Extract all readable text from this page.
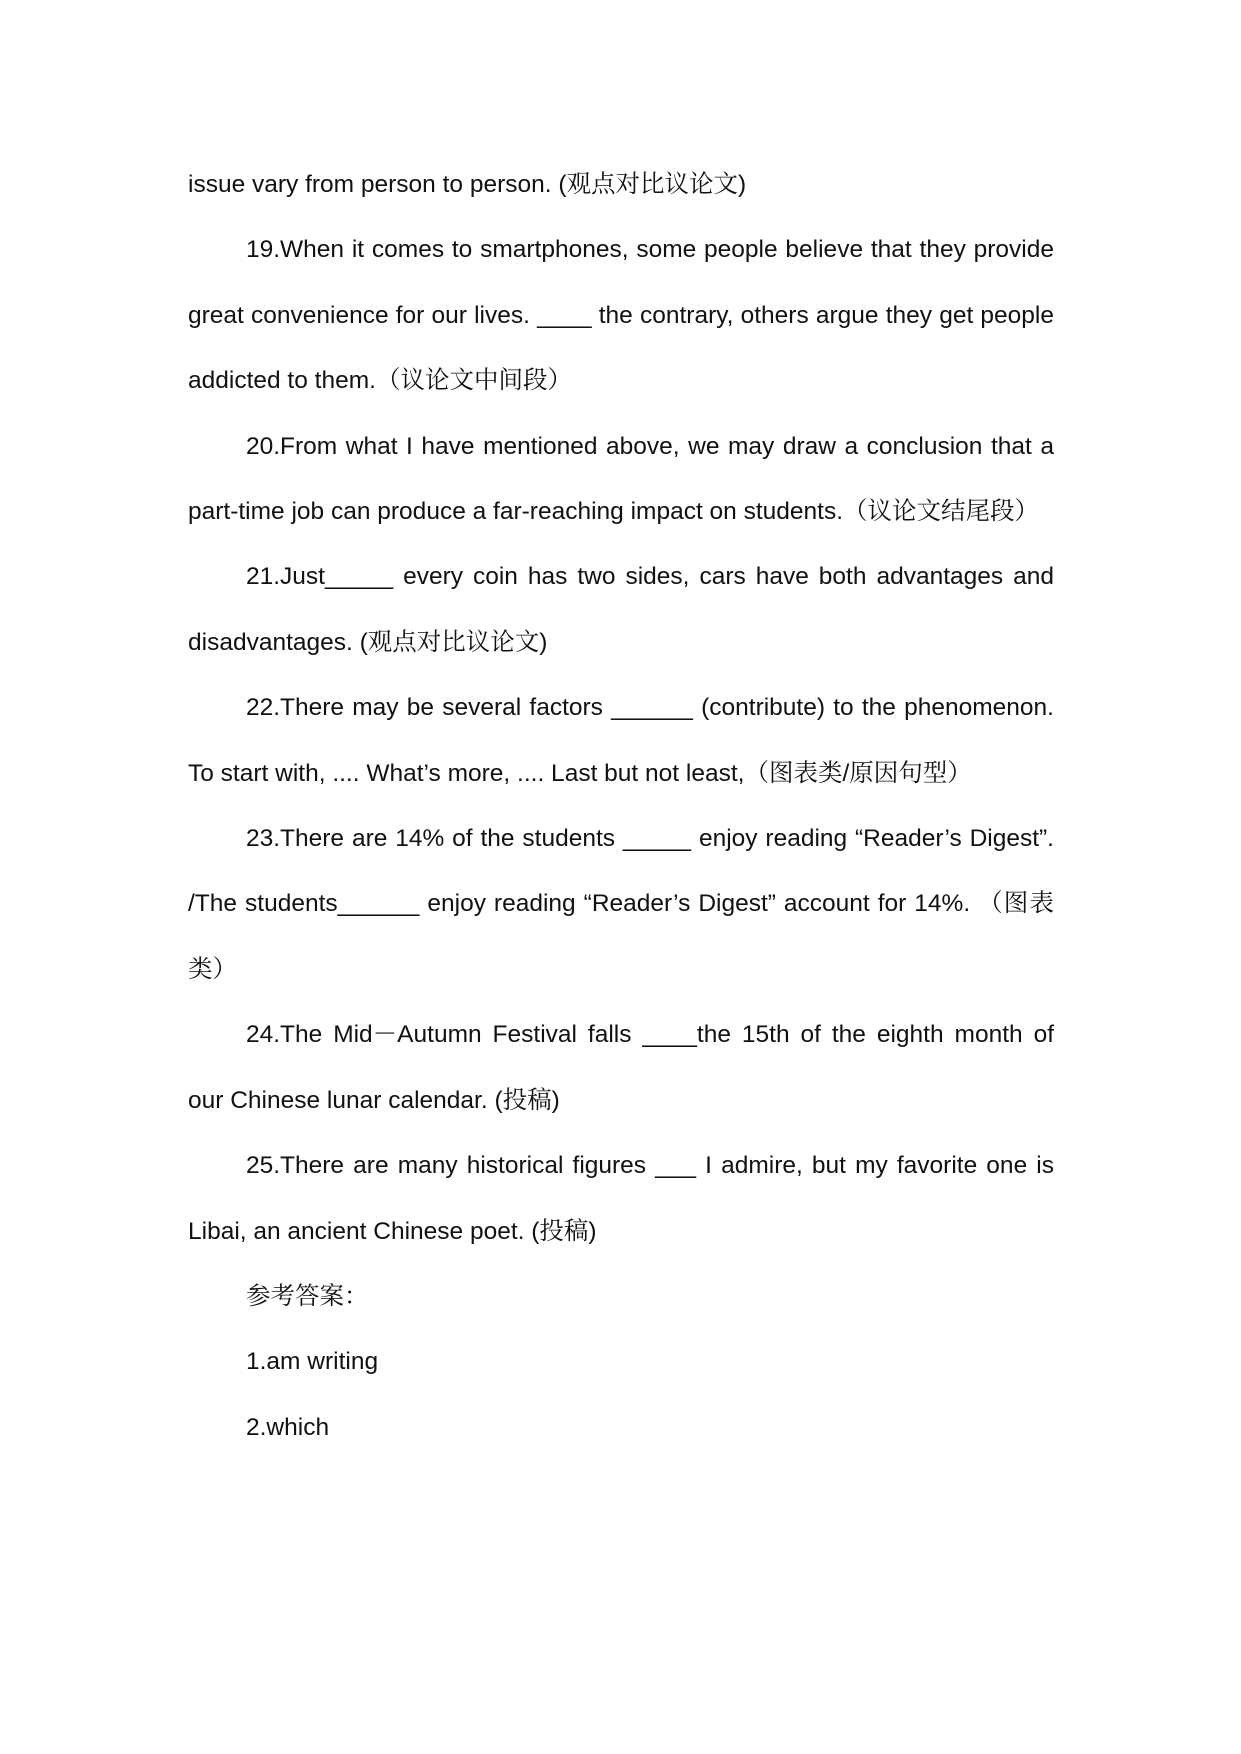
issue vary from person to person. (观点对比议论文)

19.When it comes to smartphones, some people believe that they provide great convenience for our lives. ____ the contrary, others argue they get people addicted to them.（议论文中间段）

20.From what I have mentioned above, we may draw a conclusion that a part-time job can produce a far-reaching impact on students.（议论文结尾段）

21.Just_____ every coin has two sides, cars have both advantages and disadvantages. (观点对比议论文)

22.There may be several factors ______ (contribute) to the phenomenon. To start with, .... What’s more, .... Last but not least,（图表类/原因句型）

23.There are 14% of the students _____ enjoy reading “Reader’s Digest”. /The students______ enjoy reading “Reader’s Digest” account for 14%. （图表类）

24.The Mid－Autumn Festival falls ____the 15th of the eighth month of our Chinese lunar calendar. (投稿)

25.There are many historical figures ___ I admire, but my favorite one is Libai, an ancient Chinese poet. (投稿)

参考答案：

1.am writing

2.which
